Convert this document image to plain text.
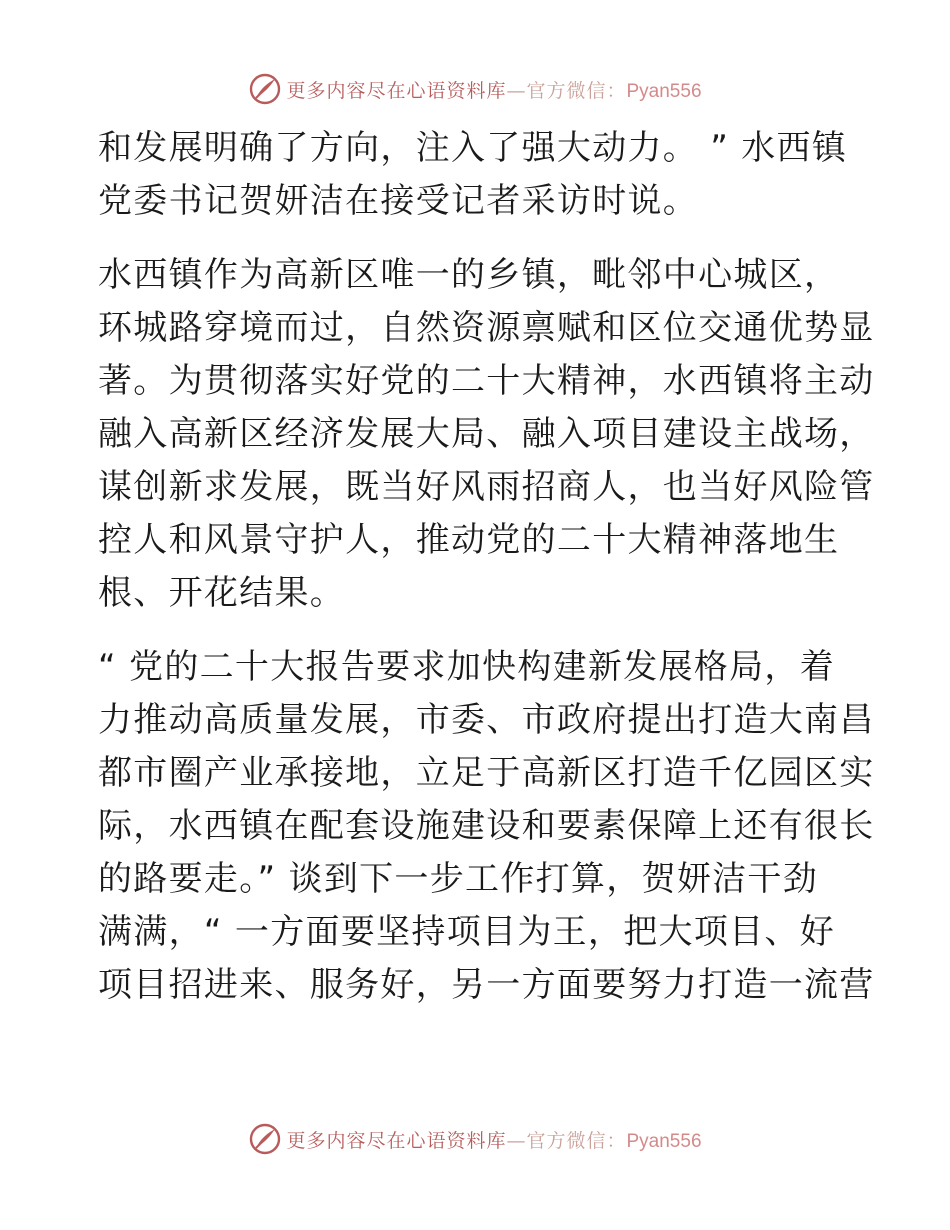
更多内容尽在心语资料库—官方微信：Pyan556
和发展明确了方向，注入了强大动力。 ” 水西镇
党委书记贺妍洁在接受记者采访时说。
水西镇作为高新区唯一的乡镇，毗邻中心城区，
环城路穿境而过，自然资源禀赋和区位交通优势显
著。为贯彻落实好党的二十大精神，水西镇将主动
融入高新区经济发展大局、融入项目建设主战场，
谋创新求发展，既当好风雨招商人，也当好风险管
控人和风景守护人，推动党的二十大精神落地生
根、开花结果。
“ 党的二十大报告要求加快构建新发展格局，着
力推动高质量发展，市委、市政府提出打造大南昌
都市圈产业承接地，立足于高新区打造千亿园区实
际，水西镇在配套设施建设和要素保障上还有很长
的路要走。” 谈到下一步工作打算，贺妍洁干劲
满满，“ 一方面要坚持项目为王，把大项目、好
项目招进来、服务好，另一方面要努力打造一流营
更多内容尽在心语资料库—官方微信：Pyan556
